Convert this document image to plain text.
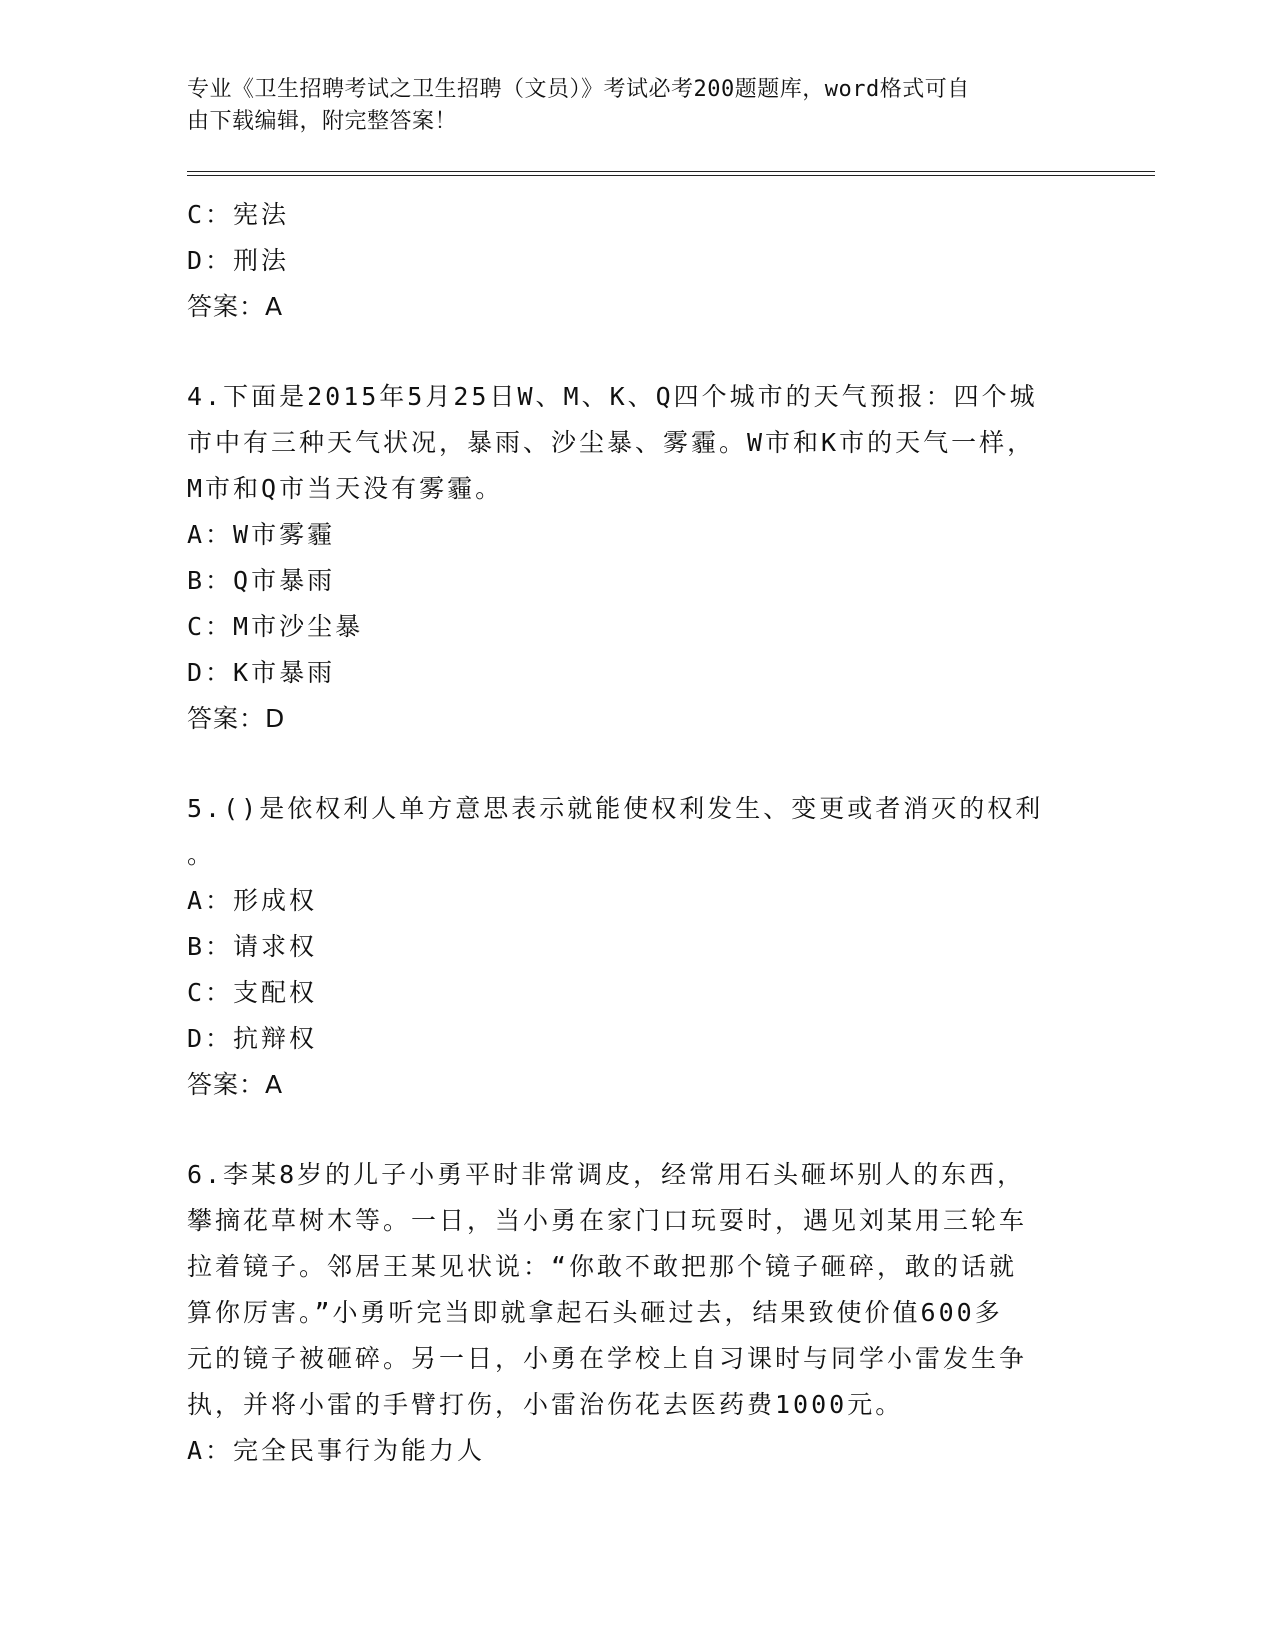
专业《卫生招聘考试之卫生招聘（文员）》考试必考200题题库，word格式可自
由下载编辑，附完整答案！
C：宪法
D：刑法
答案：A
4.下面是2015年5月25日W、M、K、Q四个城市的天气预报：四个城
市中有三种天气状况，暴雨、沙尘暴、雾霾。W市和K市的天气一样，
M市和Q市当天没有雾霾。
A：W市雾霾
B：Q市暴雨
C：M市沙尘暴
D：K市暴雨
答案：D
5.()是依权利人单方意思表示就能使权利发生、变更或者消灭的权利
。
A：形成权
B：请求权
C：支配权
D：抗辩权
答案：A
6.李某8岁的儿子小勇平时非常调皮，经常用石头砸坏别人的东西，
攀摘花草树木等。一日，当小勇在家门口玩耍时，遇见刘某用三轮车
拉着镜子。邻居王某见状说：“你敢不敢把那个镜子砸碎，敢的话就
算你厉害。”小勇听完当即就拿起石头砸过去，结果致使价值600多
元的镜子被砸碎。另一日，小勇在学校上自习课时与同学小雷发生争
执，并将小雷的手臂打伤，小雷治伤花去医药费1000元。
A：完全民事行为能力人
